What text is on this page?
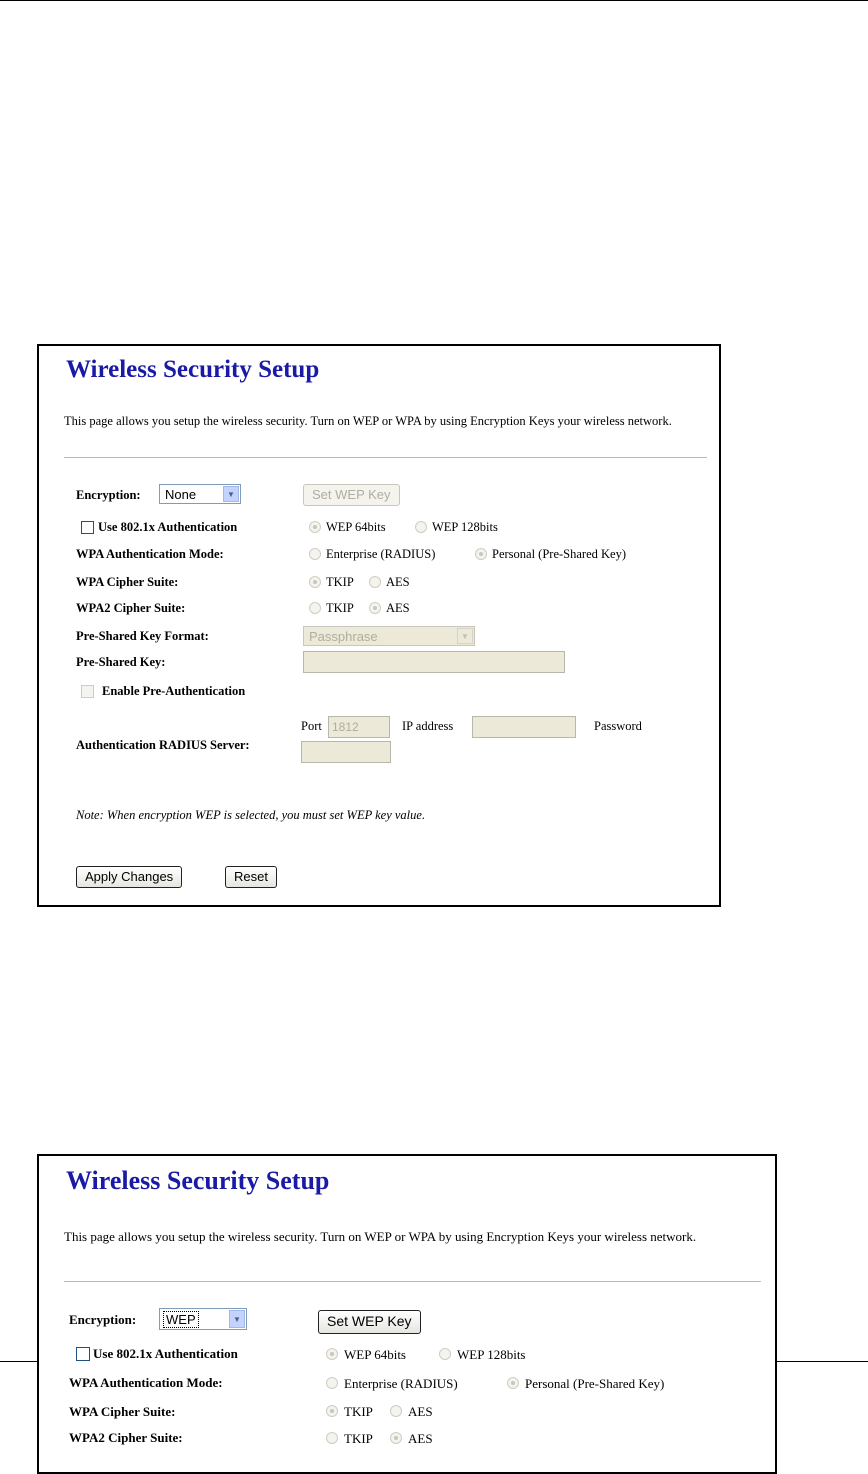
Wireless Security Setup
This page allows you setup the wireless security. Turn on WEP or WPA by using Encryption Keys your wireless network.
Encryption: None	▼	Set WEP Key
Use 802.1x Authentication	WEP 64bits	WEP 128bits
WPA Authentication Mode:	Enterprise (RADIUS)	Personal (Pre-Shared Key)
WPA Cipher Suite:	TKIP	AES
WPA2 Cipher Suite:	TKIP	AES
Pre-Shared Key Format:	Passphrase	▼
Pre-Shared Key:
Enable Pre-Authentication
Authentication RADIUS Server:
Port 1812	IP address	Password
Note: When encryption WEP is selected, you must set WEP key value.
Apply Changes	Reset
Wireless Security Setup
This page allows you setup the wireless security. Turn on WEP or WPA by using Encryption Keys your wireless network.
Encryption: WEP	▼	Set WEP Key
Use 802.1x Authentication	WEP 64bits	WEP 128bits
WPA Authentication Mode:	Enterprise (RADIUS)	Personal (Pre-Shared Key)
WPA Cipher Suite:	TKIP	AES
WPA2 Cipher Suite:	TKIP	AES
